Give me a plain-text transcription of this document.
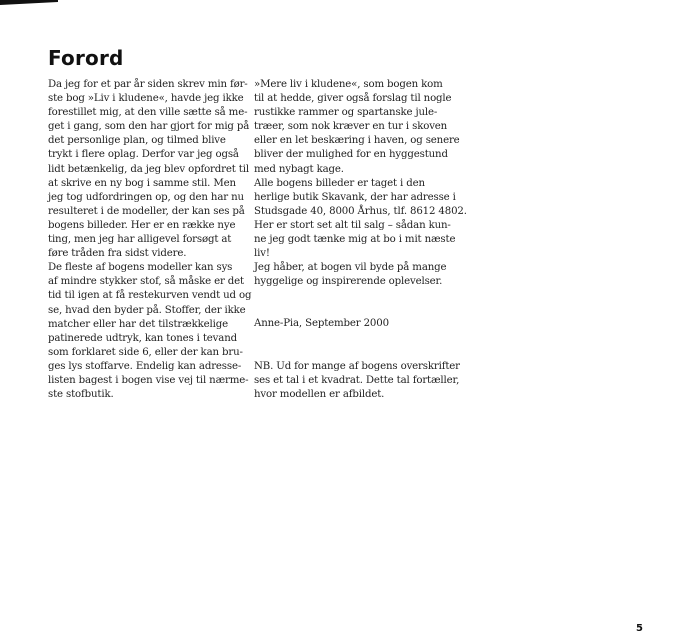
Forord
Da jeg for et par år siden skrev min før-
ste bog »Liv i kludene«, havde jeg ikke
forestillet mig, at den ville sætte så me-
get i gang, som den har gjort for mig på
det personlige plan, og tilmed blive
trykt i flere oplag. Derfor var jeg også
lidt betænkelig, da jeg blev opfordret til
at skrive en ny bog i samme stil. Men
jeg tog udfordringen op, og den har nu
resulteret i de modeller, der kan ses på
bogens billeder. Her er en række nye
ting, men jeg har alligevel forsøgt at
føre tråden fra sidst videre.
De fleste af bogens modeller kan sys
af mindre stykker stof, så måske er det
tid til igen at få restekurven vendt ud og
se, hvad den byder på. Stoffer, der ikke
matcher eller har det tilstrækkelige
patinerede udtryk, kan tones i tevand
som forklaret side 6, eller der kan bru-
ges lys stoffarve. Endelig kan adresse-
listen bagest i bogen vise vej til nærme-
ste stofbutik.
»Mere liv i kludene«, som bogen kom
til at hedde, giver også forslag til nogle
rustikke rammer og spartanske jule-
træer, som nok kræver en tur i skoven
eller en let beskæring i haven, og senere
bliver der mulighed for en hyggestund
med nybagt kage.
Alle bogens billeder er taget i den
herlige butik Skavank, der har adresse i
Studsgade 40, 8000 Århus, tlf. 8612 4802.
Her er stort set alt til salg – sådan kun-
ne jeg godt tænke mig at bo i mit næste
liv!
Jeg håber, at bogen vil byde på mange
hyggelige og inspirerende oplevelser.
Anne-Pia, September 2000
NB. Ud for mange af bogens overskrifter
ses et tal i et kvadrat. Dette tal fortæller,
hvor modellen er afbildet.
5
